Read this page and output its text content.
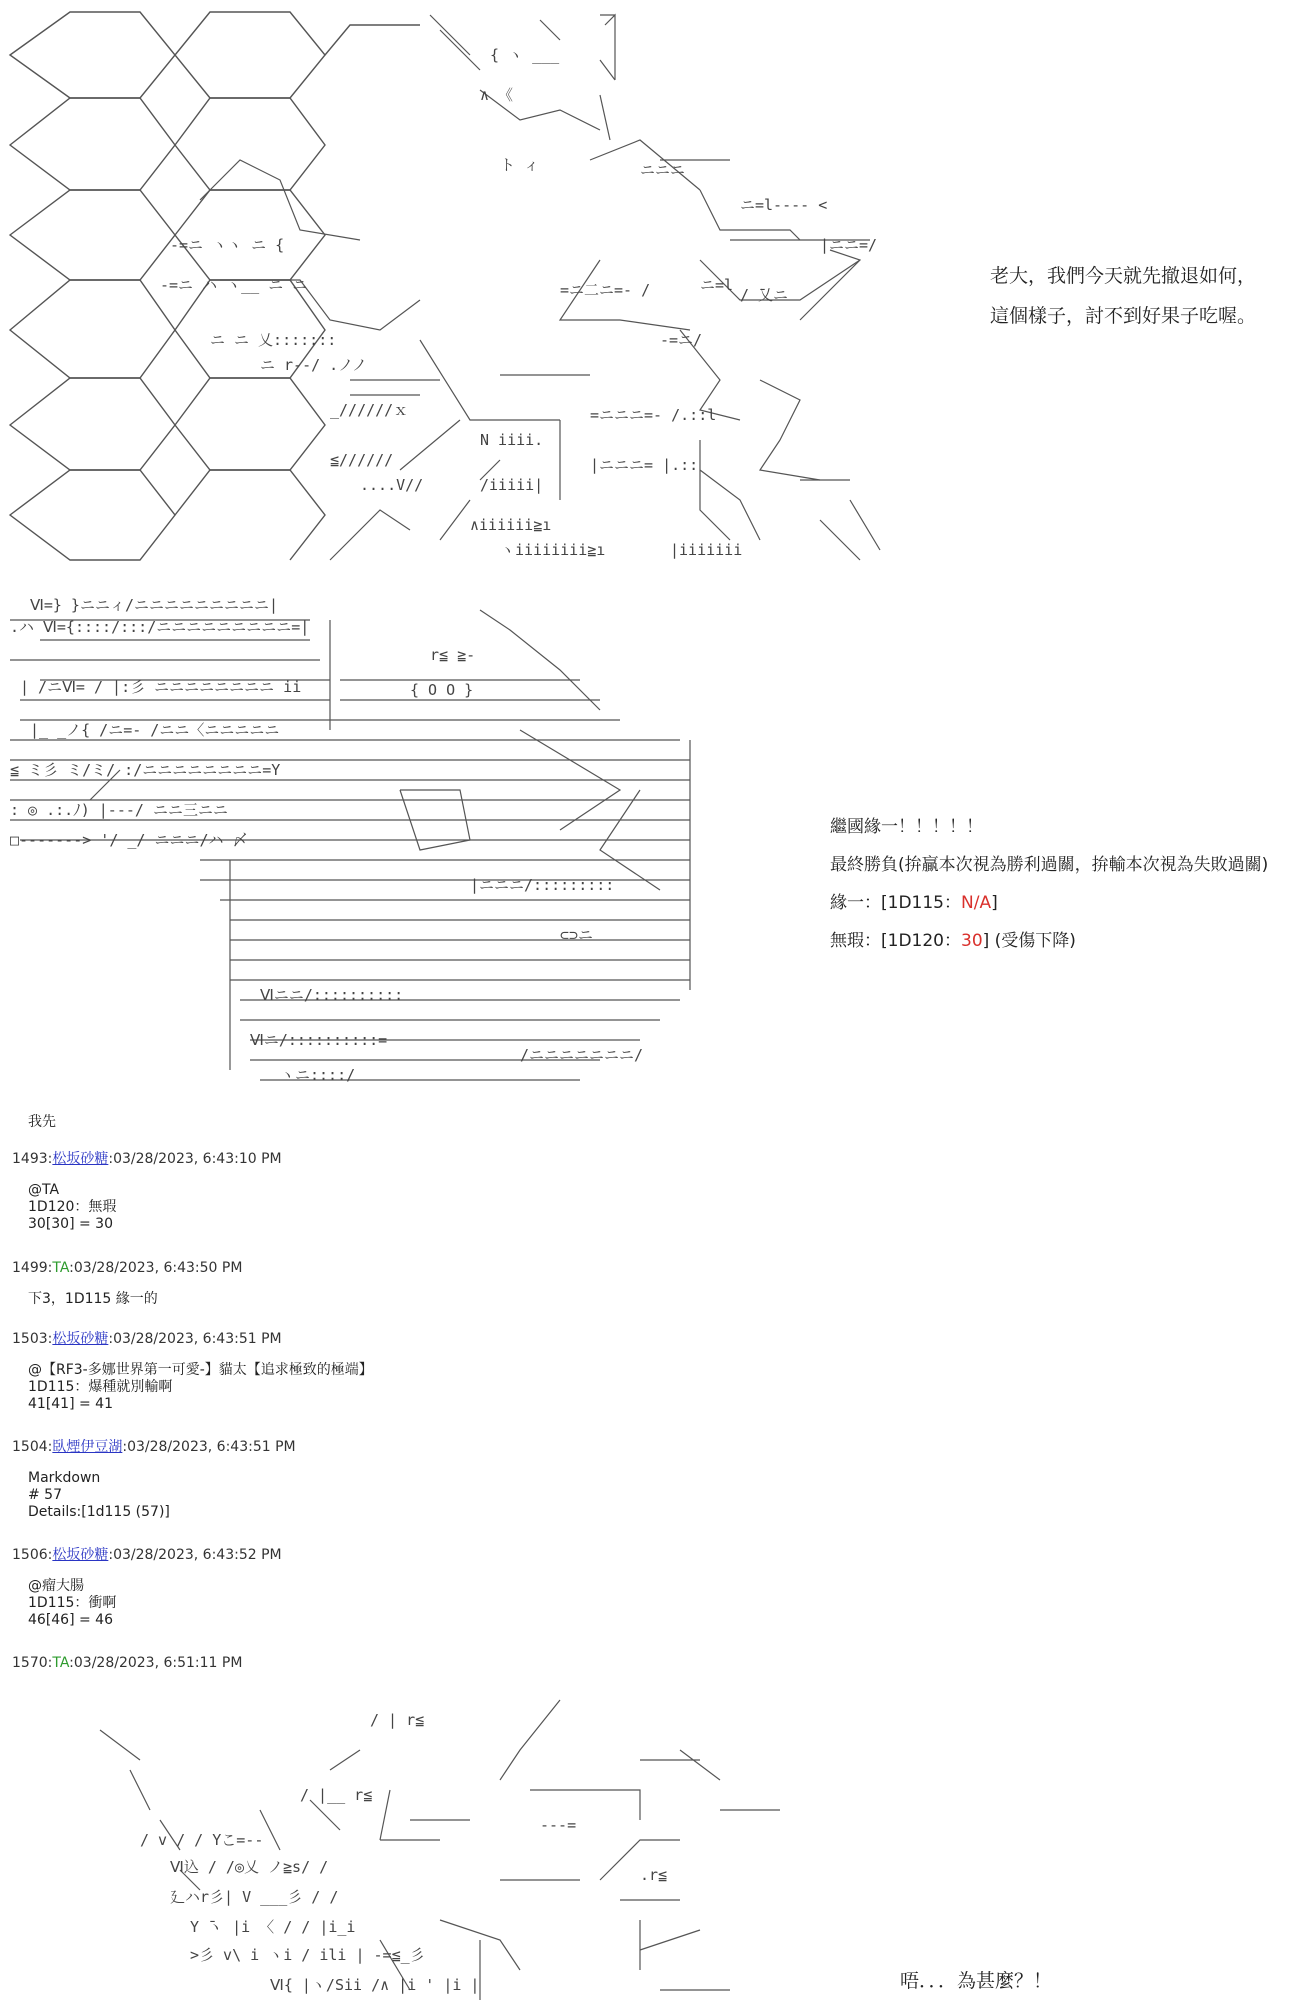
-=ニ ヽヽ ニ {
-=ニ ハ ヽ__ ニ ニ
ニ ニ 乂:::::::
ニ r--/ .ノノ
_//////ｘ
≦//////
....V//
N iiii.
/iiiii|
∧iiiiii≧ı
ヽiiiiiiii≧ı
=ニ二ニ=- /
=ニニニ=- /.::l
|ニニニ= |.::
|iiiiiii
-=ニ/
ニ=l
ニ=l---- <
/ ̄乂ニ
|ニニ=/
ト ィ
∧ 《
{ ヽ ___
ニニニ
老大，我們今天就先撤退如何，
這個樣子，討不到好果子吃喔。
Ⅵ=} }ニニィ/ニニニニニニニニニ|
.ハ Ⅵ={::::/:::/ニニニニニニニニニ=|
| /ニⅥ= / |:彡 ニニニニニニニニ ii
|_ _ノ{ /ニ=- /ニニ〈ニニニニニ
≦ ミ彡 ミ/ミ/ :/ニニニニニニニニ=Y
: ◎ .:.ﾉ) |---/ ニニ三ニニ
□-------> '/ _/ ニニニ/ハ 〆
{ O O }
r≦ ≧-
Ⅵニニ/::::::::::
Ⅵニ/::::::::::=
ヽニ::::/
|ニニニ/:::::::::
/ニニニニニニニ/
⊂⊃ニ
繼國緣一！！！！！
最終勝負(拚贏本次視為勝利過關，拚輸本次視為失敗過關)
緣一：[1D115：N/A]
無瑕：[1D120：30] (受傷下降)
我先
1493:松坂砂糖:03/28/2023, 6:43:10 PM
@TA
1D120：無瑕
30[30] = 30
1499:TA:03/28/2023, 6:43:50 PM
下3，1D115 緣一的
1503:松坂砂糖:03/28/2023, 6:43:51 PM
@【RF3-多娜世界第一可愛-】貓太【追求極致的極端】
1D115：爆種就別輸啊
41[41] = 41
1504:臥煙伊豆湖:03/28/2023, 6:43:51 PM
Markdown
# 57
Details:[1d115 (57)]
1506:松坂砂糖:03/28/2023, 6:43:52 PM
@瘤大腸
1D115：衝啊
46[46] = 46
1570:TA:03/28/2023, 6:51:11 PM
/ | r≦
/ |__ r≦
/ v / / Yこ=--
Ⅵ込 / /◎乂 ノ≧s/ /
廴ハr彡| V ___彡 / /
Y ̄ヽ |i 〈 / / |i_i
>彡 v\ i ヽi / ili | -=≦_彡
Ⅵ{ |ヽ/Sii /∧ |i ' |i |
.r≦
---=
唔．．．為甚麼？！
